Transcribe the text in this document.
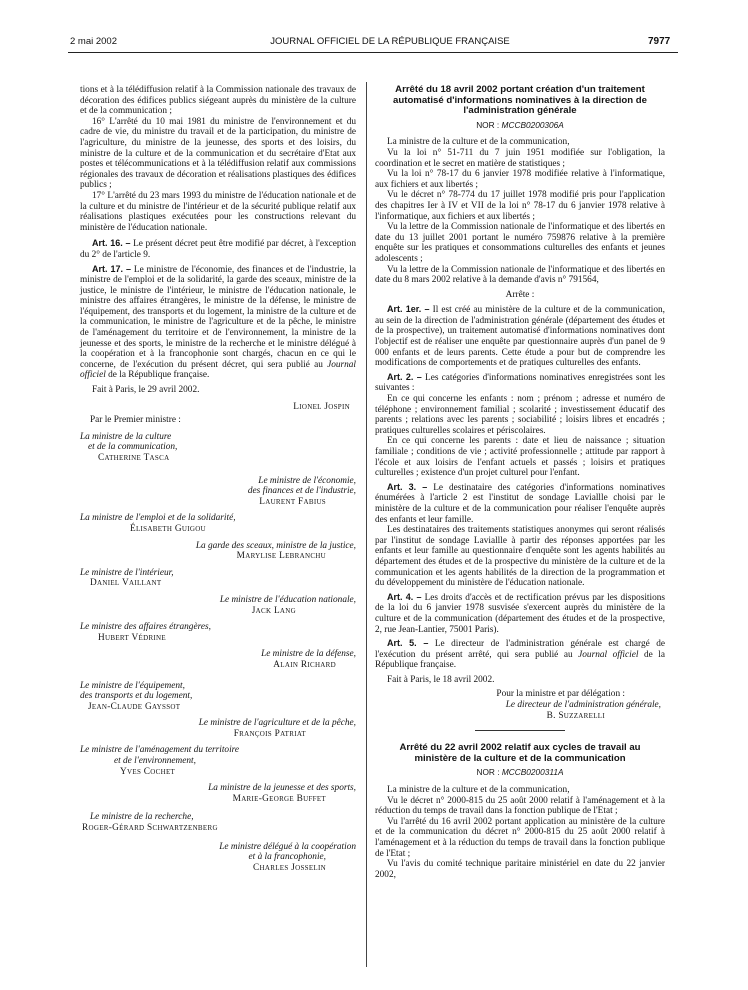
2 mai 2002	JOURNAL OFFICIEL DE LA RÉPUBLIQUE FRANÇAISE	7977

tions et à la télédiffusion relatif à la Commission nationale des travaux de décoration des édifices publics siégeant auprès du ministère de la culture et de la communication ;

16° L'arrêté du 10 mai 1981 du ministre de l'environnement et du cadre de vie, du ministre du travail et de la participation, du ministre de l'agriculture, du ministre de la jeunesse, des sports et des loisirs, du ministre de la culture et de la communication et du secrétaire d'Etat aux postes et télécommunications et à la télédiffusion relatif aux commissions régionales des travaux de décoration et réalisations plastiques des édifices publics ;

17° L'arrêté du 23 mars 1993 du ministre de l'éducation nationale et de la culture et du ministre de l'intérieur et de la sécurité publique relatif aux réalisations plastiques exécutées pour les constructions relevant du ministère de l'éducation nationale.

Art. 16. – Le présent décret peut être modifié par décret, à l'exception du 2° de l'article 9.

Art. 17. – Le ministre de l'économie, des finances et de l'industrie, la ministre de l'emploi et de la solidarité, la garde des sceaux, ministre de la justice, le ministre de l'intérieur, le ministre de l'éducation nationale, le ministre des affaires étrangères, le ministre de la défense, le ministre de l'équipement, des transports et du logement, la ministre de la culture et de la communication, le ministre de l'agriculture et de la pêche, le ministre de l'aménagement du territoire et de l'environnement, la ministre de la jeunesse et des sports, le ministre de la recherche et le ministre délégué à la coopération et à la francophonie sont chargés, chacun en ce qui le concerne, de l'exécution du présent décret, qui sera publié au Journal officiel de la République française.

Fait à Paris, le 29 avril 2002.

Lionel Jospin
Par le Premier ministre :
La ministre de la culture
et de la communication,
Catherine Tasca
Le ministre de l'économie,
des finances et de l'industrie,
Laurent Fabius
La ministre de l'emploi et de la solidarité,
Élisabeth Guigou
La garde des sceaux, ministre de la justice,
Marylise Lebranchu
Le ministre de l'intérieur,
Daniel Vaillant
Le ministre de l'éducation nationale,
Jack Lang
Le ministre des affaires étrangères,
Hubert Védrine
Le ministre de la défense,
Alain Richard
Le ministre de l'équipement,
des transports et du logement,
Jean-Claude Gayssot
Le ministre de l'agriculture et de la pêche,
François Patriat
Le ministre de l'aménagement du territoire
et de l'environnement,
Yves Cochet
La ministre de la jeunesse et des sports,
Marie-George Buffet
Le ministre de la recherche,
Roger-Gérard Schwartzenberg
Le ministre délégué à la coopération
et à la francophonie,
Charles Josselin
Arrêté du 18 avril 2002 portant création d'un traitement automatisé d'informations nominatives à la direction de l'administration générale
NOR : MCCB0200306A

La ministre de la culture et de la communication,

Vu la loi n° 51-711 du 7 juin 1951 modifiée sur l'obligation, la coordination et le secret en matière de statistiques ;

Vu la loi n° 78-17 du 6 janvier 1978 modifiée relative à l'informatique, aux fichiers et aux libertés ;

Vu le décret n° 78-774 du 17 juillet 1978 modifié pris pour l'application des chapitres Ier à IV et VII de la loi n° 78-17 du 6 janvier 1978 relative à l'informatique, aux fichiers et aux libertés ;

Vu la lettre de la Commission nationale de l'informatique et des libertés en date du 13 juillet 2001 portant le numéro 759876 relative à la première enquête sur les pratiques et consommations culturelles des enfants et jeunes adolescents ;

Vu la lettre de la Commission nationale de l'informatique et des libertés en date du 8 mars 2002 relative à la demande d'avis n° 791564,

Arrête :

Art. 1er. – Il est créé au ministère de la culture et de la communication, au sein de la direction de l'administration générale (département des études et de la prospective), un traitement automatisé d'informations nominatives dont l'objectif est de réaliser une enquête par questionnaire auprès d'un panel de 9 000 enfants et de leurs parents. Cette étude a pour but de comprendre les modifications de comportements et de pratiques culturelles des enfants.

Art. 2. – Les catégories d'informations nominatives enregistrées sont les suivantes :

En ce qui concerne les enfants : nom ; prénom ; adresse et numéro de téléphone ; environnement familial ; scolarité ; investissement éducatif des parents ; relations avec les parents ; sociabilité ; loisirs libres et encadrés ; pratiques culturelles scolaires et périscolaires.

En ce qui concerne les parents : date et lieu de naissance ; situation familiale ; conditions de vie ; activité professionnelle ; attitude par rapport à l'école et aux loisirs de l'enfant actuels et passés ; loisirs et pratiques culturelles ; existence d'un projet culturel pour l'enfant.

Art. 3. – Le destinataire des catégories d'informations nominatives énumérées à l'article 2 est l'institut de sondage Laviallle choisi par le ministère de la culture et de la communication pour réaliser l'enquête auprès des enfants et leur famille.

Les destinataires des traitements statistiques anonymes qui seront réalisés par l'institut de sondage Laviallle à partir des réponses apportées par les enfants et leur famille au questionnaire d'enquête sont les agents habilités au département des études et de la prospective du ministère de la culture et de la communication et les agents habilités de la direction de la programmation et du développement du ministère de l'éducation nationale.

Art. 4. – Les droits d'accès et de rectification prévus par les dispositions de la loi du 6 janvier 1978 susvisée s'exercent auprès du ministère de la culture et de la communication (département des études et de la prospective, 2, rue Jean-Lantier, 75001 Paris).

Art. 5. – Le directeur de l'administration générale est chargé de l'exécution du présent arrêté, qui sera publié au Journal officiel de la République française.

Fait à Paris, le 18 avril 2002.

Pour la ministre et par délégation :
Le directeur de l'administration générale,
B. Suzzarelli
Arrêté du 22 avril 2002 relatif aux cycles de travail au ministère de la culture et de la communication
NOR : MCCB0200311A

La ministre de la culture et de la communication,

Vu le décret n° 2000-815 du 25 août 2000 relatif à l'aménagement et à la réduction du temps de travail dans la fonction publique de l'Etat ;

Vu l'arrêté du 16 avril 2002 portant application au ministère de la culture et de la communication du décret n° 2000-815 du 25 août 2000 relatif à l'aménagement et à la réduction du temps de travail dans la fonction publique de l'Etat ;

Vu l'avis du comité technique paritaire ministériel en date du 22 janvier 2002,
